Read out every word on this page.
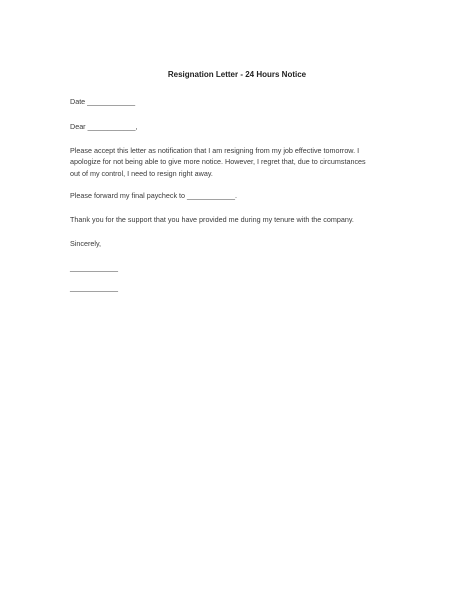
Resignation Letter - 24 Hours Notice
Date ____________
Dear ____________,
Please accept this letter as notification that I am resigning from my job effective tomorrow. I
apologize for not being able to give more notice. However, I regret that, due to circumstances
out of my control, I need to resign right away.
Please forward my final paycheck to ____________.
Thank you for the support that you have provided me during my tenure with the company.
Sincerely,
____________
____________
